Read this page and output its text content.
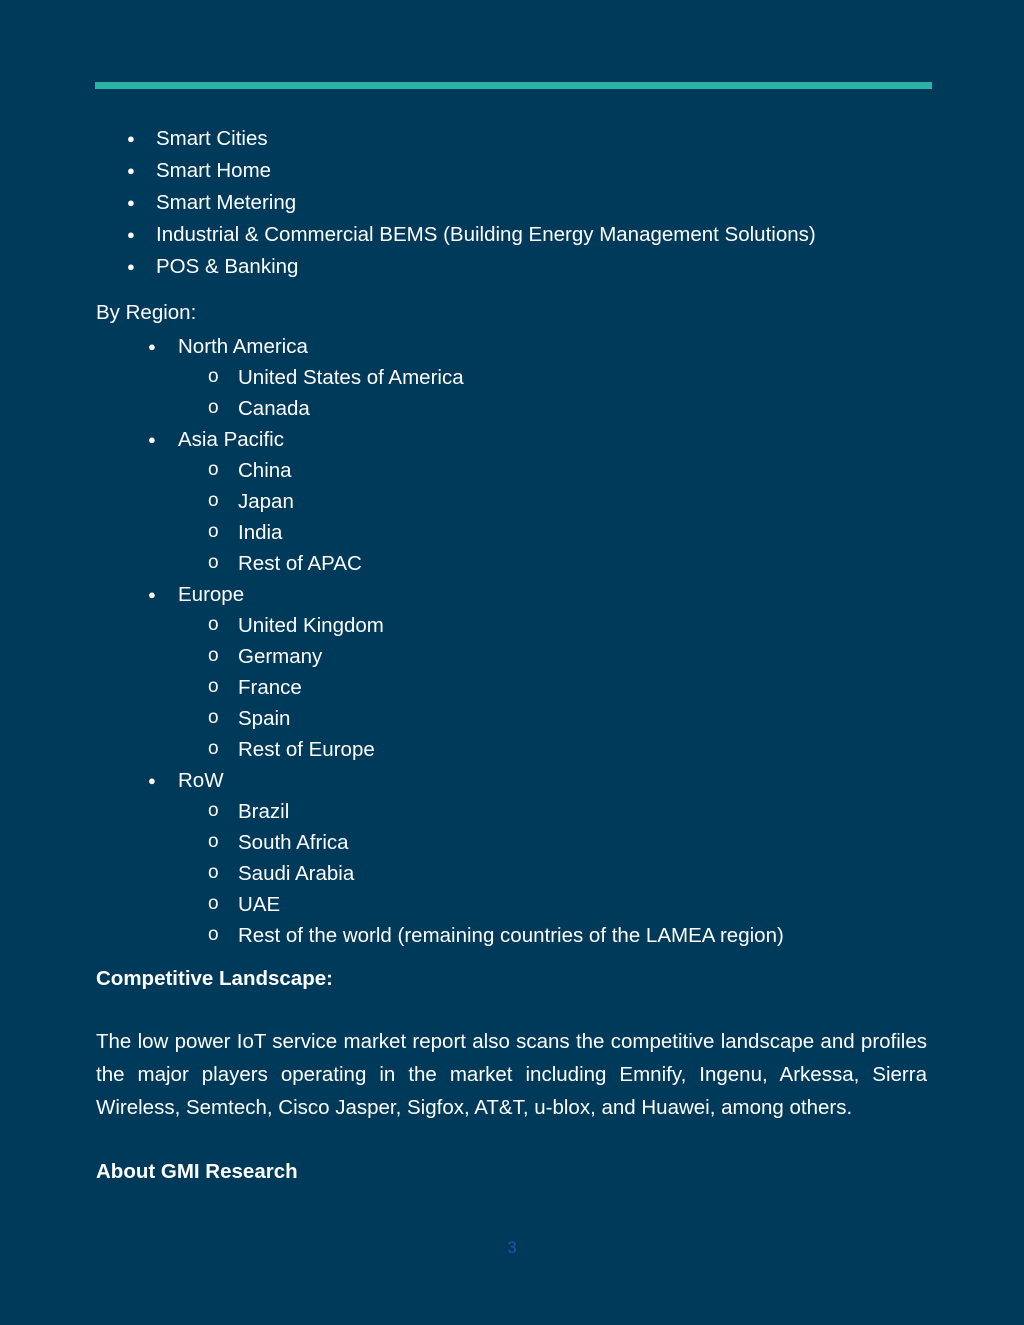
● Smart Cities
● Smart Home
● Smart Metering
● Industrial & Commercial BEMS (Building Energy Management Solutions)
● POS & Banking
By Region:
● North America
o United States of America
o Canada
● Asia Pacific
o China
o Japan
o India
o Rest of APAC
● Europe
o United Kingdom
o Germany
o France
o Spain
o Rest of Europe
● RoW
o Brazil
o South Africa
o Saudi Arabia
o UAE
o Rest of the world (remaining countries of the LAMEA region)
Competitive Landscape:
The low power IoT service market report also scans the competitive landscape and profiles the major players operating in the market including Emnify, Ingenu, Arkessa, Sierra Wireless, Semtech, Cisco Jasper, Sigfox, AT&T, u-blox, and Huawei, among others.
About GMI Research
3
